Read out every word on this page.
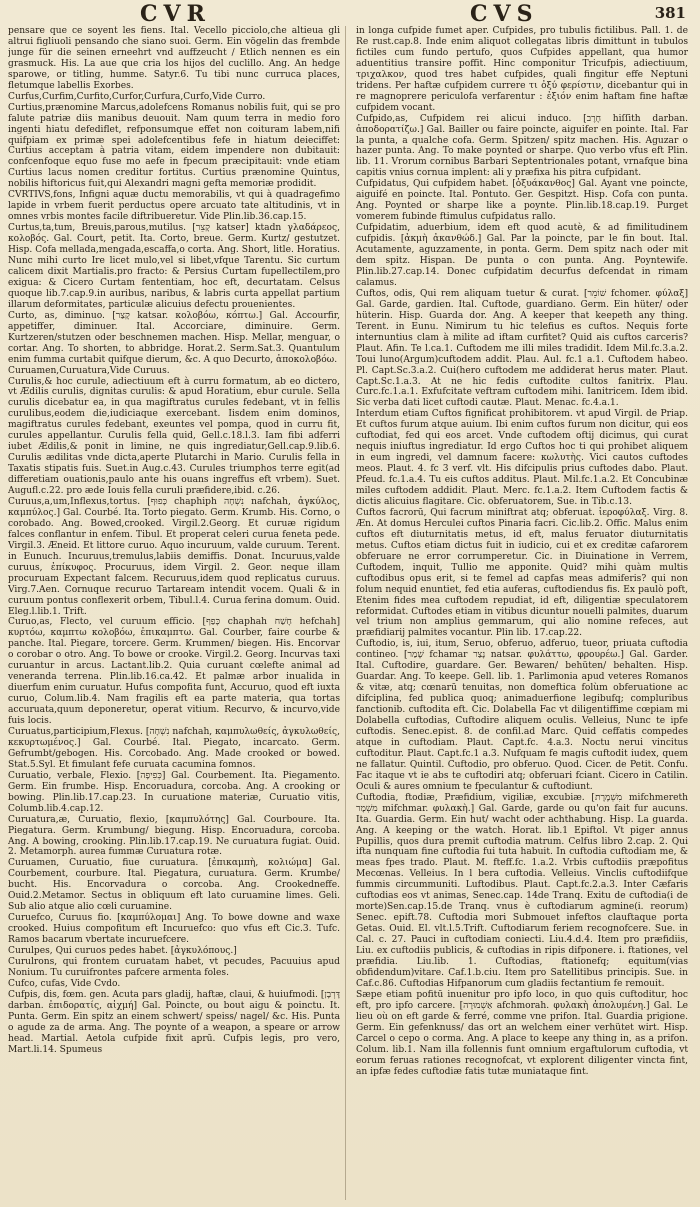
CVR	CVS	381

pensare que ce soyent les fiens. Ital. Vecello picciolo,che altieua gli altrui figliuoli pensando che siano suoi. Germ. Ein vögelin das frembde junge für die seinen erneehrt vnd auffzeucht / Etlich nennen es ein grasmuck. His. La aue que cria los hijos del cuclillo. Ang. An hedge sparowe, or titling, humme. Satyr.6. Tu tibi nunc curruca places, fletumque labellis Exorbes.

Curfus,Curfim,Curfito,Curfor,Curfura,Curfo,Vide Curro.

Curtius,prænomine Marcus,adolefcens Romanus nobilis fuit, qui se pro falute patriæ diis manibus deuouit. Nam quum terra in medio foro ingenti hiatu defediflet, refponsumque effet non coituram labem,nifi quifpiam ex primæ spei adolefcentibus fefe in hiatum deieciffet: Curtius acceptam à patria vitam, eidem impendere non dubitauit: confcenfoque equo fuse mo aefe in fpecum præcipitauit: vnde etiam Curtius lacus nomen creditur fortitus. Curtius prænomine Quintus, nobilis hiftoricus fuit,qui Alexandri magni gefta memoriæ prodidit.

CVRTIVS,fons, Infigni aquæ ductu memorabilis, vt qui à quadragefimo lapide in vrbem fuerit perductus opere arcuato tate altitudinis, vt in omnes vrbis montes facile diftribueretur. Vide Plin.lib.36.cap.15.

Curtus,ta,tum, Breuis,parous,mutilus. [קָצֵר katser] ktadn γλαδάρεoς, κολoβός. Gal. Court, petit. Ita. Corto, breue. Germ. Kurtz/ gestutzet. Hisp. Cofa mellada,mengada,escaffa,o corta. Ang. Short, litle. Horatius. Nunc mihi curto Ire licet mulo,vel si libet,vfque Tarentu. Sic curtum calicem dixit Martialis.pro fracto: & Persius Curtam fupellectilem,pro exigua: & Cicero Curtam fententiam, hoc eft, decurtatam. Celsus quoque lib.7.cap.9.in auribus, naribus, & labris curta appellat partium illarum deformitates, particulæ alicuius defectu prouenientes.

Curto, as, diminuo. [קָצַר katsar. κολοβόω, κόπτω.] Gal. Accourfir, appetiffer, diminuer. Ital. Accorciare, diminuire. Germ. Kurtzeren/stutzen oder beschnemen machen. Hisp. Mellar, menguar, o cortar. Ang. To shorten, to abbridge. Horat.2. Serm.Sat.3. Quantulum enim fumma curtabit quifque dierum, &c. A quo Decurto, ἀποκολοβόω.

Curuamen,Curuatura,Vide Curuus.

Curulis,& hoc curule, adiectiuum eft à curru formatum, ab eo dictero, vt Ædilis curulis, dignitas curulis: & apud Horatium, ebur curule. Sella curulis dicebatur ea, in qua magiftratus curules fedebant, vt in fellis curulibus,eodem die,iudiciaque exercebant. Iisdem enim dominos, magiftratus curules fedebant, exeuntes vel pompa, quod in curru fit, curules appellantur. Curulis fella quid, Gell.c.18.l.3. Iam fibi adferri iubet Ædilis,& ponit in limine, ne quis ingrediatur,Gell.cap.9.lib.6. Curulis ædilitas vnde dicta,aperte Plutarchi in Mario. Curulis fella in Taxatis stipatis fuis. Suet.in Aug.c.43. Curules triumphos terre egit(ad differetiam ouationis,paulo ante his ouans ingreffus eft vrbem). Suet. Augufl.c.22. pro æde Iouis fella curuli præfidere,ibid. c.26.

Curuus,a,um,Inflexus,tortus. [כָּפוּף chaphiph נִשְׁחָה nafchah, ἀγκύλος, καμπύλος.] Gal. Courbé. Ita. Torto piegato. Germ. Krumb. His. Corno, o corobado. Ang. Bowed,crooked. Virgil.2.Georg. Et curuæ rigidum falces conflantur in enfem. Tibul. Et properat celeri curua feneta pede. Virgil.3. Æneid. Et littore curuo. Aquo incuruum, valde curuum. Terent. in Eunuch. Incuruus,tremulus,labiis demiffis. Donat. Incuruus,valde curuus, ἐπίκυφος. Procuruus, idem Virgil. 2. Geor. neque illam procuruam Expectant falcem. Recuruus,idem quod replicatus curuus. Virg.7.Aen. Cornuque recuruo Tartaream intendit vocem. Quali & in curuum pontus conflexerit orbem, Tibul.l.4. Curua ferina domum. Ouid. Eleg.l.lib.1. Trift.

Curuo,as, Flecto, vel curuum efficio. [כָּפַף chaphah חָשַׁח hefchah] κυρτόω, καμπτω κολοβόω, ἐπικαμπτω. Gal. Courber, faire courbe & panche. Ital. Piegare, torcere. Germ. Krummen/ biegen. His. Encorvar o corobar o otro. Ang. To bowe or crooke. Virgil.2. Georg. Incurvas taxi curuantur in arcus. Lactant.lib.2. Quia curuant cœlefte animal ad veneranda terrena. Plin.lib.16.ca.42. Et palmæ arbor inualida in diuerfum enim curuatur. Hufus compofita funt, Accuruo, quod eft iuxta curuo, Colum.lib.4. Nam fragilis eft ea parte materia, qua tortas accuruata,quum deponeretur, operat vitium. Recurvo, & incurvo,vide fuis locis.

Curuatus,participium,Flexus. [נִשְׁחָה nafchah, καμπυλωθείς, ἀγκυλωθείς, κεκυρτωμένος.] Gal. Courbé. Ital. Piegato, incarcato. Germ. Gefrumbt/gebogen. His. Corcobado. Ang. Made crooked or bowed. Stat.5.Syl. Et fimulant fefe curuata cacumina fomnos.

Curuatio, verbale, Flexio. [כְּפִיפָה] Gal. Courbement. Ita. Piegamento. Germ. Ein frumbe. Hisp. Encoruadura, corcoba. Ang. A crooking or bowing. Plin.lib.17.cap.23. In curuatione materiæ, Curuatio vitis, Columb.lib.4.cap.12.

Curuatura,æ, Curuatio, flexio, [καμπυλότης] Gal. Courboure. Ita. Piegatura. Germ. Krumbung/ biegung. Hisp. Encoruadura, corcoba. Ang. A bowing, crooking. Plin.lib.17.cap.19. Ne curuatura fugiat. Ouid. 2. Metamorph. aurea fummæ Curuatura rotæ.

Curuamen, Curuatio, fiue curuatura. [ἐπικαμπὴ, κολιώμα] Gal. Courbement, courbure. Ital. Piegatura, curuatura. Germ. Krumbe/ bucht. His. Encorvadura o corcoba. Ang. Crookedneffe. Ouid.2.Metamor. Sectus in obliquum eft lato curuamine limes. Geli. Sub alio atque alio cœli curuamine.

Curuefco, Curuus fio. [καμπύλομαι] Ang. To bowe downe and waxe crooked. Huius compofitum eft Incuruefco: quo vfus eft Cic.3. Tufc. Ramos bacarum vbertate incuruefcere.

Curulpes, Qui curuos pedes habet. [ἀγκυλόπους.]

Curulrons, qui frontem curuatam habet, vt pecudes, Pacuuius apud Nonium. Tu curuifrontes pafcere armenta foles.

Cufco, cufas, Vide Cvdo.

Cufpis, dis, fœm. gen. Acuta pars gladij, haftæ, claui, & huiufmodi. [דָּרְבָן darban. ἐπιδορατίς, αἰχμή] Gal. Poincte, ou bout aigu & poinctu. It. Punta. Germ. Ein spitz an einem schwert/ speiss/ nagel/ &c. His. Punta o agude za de arma. Ang. The poynte of a weapon, a speare or arrow head. Martial. Aetola cufpide fixit aprū. Cufpis legis, pro vero, Mart.li.14. Spumeus

in longa cufpide fumet aper. Cufpides, pro tubulis fictilibus. Pall. 1. de Re rust.cap.8. Inde enim aliquot collegatas libris dimittunt in tubulos fictiles cum fundo pertufo, quos Cufpides appellant, qua humor aduentitius transire poffit. Hinc componitur Tricufpis, adiectiuum, τριχαλκον, quod tres habet cufpides, quali fingitur effe Neptuni tridens. Per haftæ cufpidem currere τι ὀξύ φερίστιν, dicebantur qui in re magnoprere periculofa verfarentur : ἐξιόν enim haftam fine haftæ cufpidem vocant.

Cufpido,as, Cufpidem rei alicui induco. [חֶרֶב hiſſith darban. ἀποδορατίζω.] Gal. Bailler ou faire poincte, aiguifer en pointe. Ital. Far la punta, a qualche cofa. Germ. Spitzen/ spitz machen. His. Aguzar o hazer punta. Ang. To make poynted or sharpe. Quo verbo vfus eft Plin. lib. 11. Vrorum cornibus Barbari Septentrionales potant, vrnafque bina capitis vnius cornua implent: ali y præfixa his pitra cufpidant.

Cufpidatus, Qui cufpidem habet. [ὀξυάκανθος] Gal. Ayant vne poincte, aiguifé en poincte. Ital. Pontuto. Ger. Gespitzt. Hisp. Cofa con punta. Ang. Poynted or sharpe like a poynte. Plin.lib.18.cap.19. Purget vomerem fubinde ftimulus cufpidatus rallo.

Cufpidatim, aduerbium, idem eft quod acutè, & ad fimilitudinem cufpidis. [ἀκμὴ ἀκανθώδ.] Gal. Par la poincte, par le fin bout. Ital. Acutamente, aguzzamente, in ponta. Germ. Dem spitz nach oder mit dem spitz. Hispan. De punta o con punta. Ang. Poyntewife. Plin.lib.27.cap.14. Donec cufpidatim decurfus defcendat in rimam calamus.

Cuftos, odis, Qui rem aliquam tuetur & curat. [שׁוֹמֵר fchomer. φύλαξ] Gal. Garde, gardien. Ital. Cuftode, guardiano. Germ. Ein hüter/ oder hüterin. Hisp. Guarda dor. Ang. A keeper that keepeth any thing. Terent. in Eunu. Nimirum tu hic telefius es cuftos. Nequis forte internuntius clam à milite ad iftam curfitet? Quid ais cuftos carceris? Plaut. Afin. Te l.ca.1. Cuftodem me illi miles tradidit. Idem Mil.fc.3.a.2. Toui luno(Argum)cuftodem addit. Plau. Aul. fc.1 a.1. Cuftodem habeo. Pl. Capt.Sc.3.a.2. Cui(hero cuftodem me addiderat herus mater. Plaut. Capt.Sc.1.a.3. At ne hic fedis cuftodite cultos fanitrix. Plau. Curc.fc.1.a.1. Exfufcitate veftram cuftodem mihi. Ianitricem. Idem ibid. Sic verba dati licet cuftodi cautæ. Plaut. Menac. fc.4.a.1.

Interdum etiam Cuftos fignificat prohibitorem. vt apud Virgil. de Priap. Et cuftos furum atque auium. Ibi enim cuftos furum non dicitur, qui eos cuftodiat, fed qui eos arcet. Vnde cuftodem oftij dicimus, qui curat nequis iniuftus ingrediatur. Id ergo Cuftos hoc ti qui prohibet aliquem in eum ingredi, vel damnum facere: κωλυτὴς. Vici cautos cuftodes meos. Plaut. 4. fc 3 verf. vlt. His difcipulis prius cuftodes dabo. Plaut. Pfeud. fc.1.a.4. Tu eis cuftos additus. Plaut. Mil.fc.1.a.2. Et Concubinæ miles cuftodem addidit. Plaut. Merc. fc.1.a.2. Item Cuftodem factis & dictis alicuius flagitare. Cic. obferuatorem, Sue. in Tib.c.13.

Cuftos facrorū, Qui facrum miniftrat atq; obferuat. ἱεροφύλαξ. Virg. 8. Æn. At domus Herculei cuftos Pinaria facri. Cic.lib.2. Offic. Malus enim cuftos eft diuturnitatis metus, id eft, malus feruator diuturnitatis metus. Cuftos etiam dictus fuit in iudicio, cui et ex creditæ cafarorem obferuare ne error corrumperetur. Cic. in Diuinatione in Verrem, Cuftodem, inquit, Tullio me apponite. Quid? mihi quàm multis cuftodibus opus erit, si te femel ad capfas meas admiferis? qui non folum nequid enuntiet, fed etia auferas, cuftodiendus fis. Ex paulò poft, Etenim fides mea cuftodem repudiat, id eft, diligentiæ speculatorem reformidat. Cuftodes etiam in vitibus dicuntur nouelli palmites, duarum vel trium non amplius gemmarum, qui alio nomine refeces, aut præfidiarij palmites vocantur. Plin lib. 17.cap.22.

Cuftodio, is, iui, itum, Seruo, obferuo, adferuo, tueor, priuata cuftodia contineo. [שָׁמַר fchamar נָצַר natsar. φυλάττω, φρουρέω.] Gal. Garder. Ital. Cuftodire, guardare. Ger. Bewaren/ behüten/ behalten. Hisp. Guardar. Ang. To keepe. Gell. lib. 1. Parlimonia apud veteres Romanos & vitæ, atq; cœnarū tenuitas, non domeftica folùm obferuatione ac difciplina, fed publica quoq; animaduerfione legibufq; compluribus fanctionib. cuftodita eft. Cic. Dolabella Fac vt diligentiffime cœpiam mi Dolabella cuftodias, Cuftodire aliquem oculis. Velleius, Nunc te ipfe cuftodis. Senec.epist. 8. de confil.ad Marc. Quid ceffatis compedes atque in cuftodiam. Plaut. Capt.fc. 4.a.3. Noctu nerui vincitus cuftoditur. Plaut. Capt.fc.1 a.3. Nufquam fe magis cuftodit iudex, quem ne fallatur. Quintil. Cuftodio, pro obferuo. Quod. Cicer. de Petit. Confu. Fac itaque vt ie abs te cuftodiri atq; obferuari fciant. Cicero in Catilin. Oculi & aures omnium te fpeculantur & cuftodiunt.

Cuftodia, ftodiæ, Præfidium, vigiliæ, excubiæ. [מִשְׁמֶרֶת mifchmereth מִשְׁמָר mifchmar. φυλακὴ.] Gal. Garde, garde ou qu'on fait fur aucuns. Ita. Guardia. Germ. Ein hut/ wacht oder achthabung. Hisp. La guarda. Ang. A keeping or the watch. Horat. lib.1 Epiftol. Vt piger annus Pupillis, quos dura premit cuftodia matrum. Celfus libro 2.cap. 2. Qui ifta nunquam fine cuftodia fui tuta habuit. In cuftodia cuftodiam me, & meas fpes trado. Plaut. M. fteff.fc. 1.a.2. Vrbis cuftodiis præpofitus Mecœnas. Velleius. In l bera cuftodia. Velleius. Vinclis cuftodiifque fummis circummuniti. Luftodibus. Plaut. Capt.fc.2.a.3. Inter Cæfaris cuftodias eos vt animas, Senec.cap. 14de Tranq. Exitu de cuftodia(i de morte)Sen.cap.15.de Tranq. vnus è cuftodiarum agmine(i. reorum) Senec. epift.78. Cuftodia mori Submouet infeftos clauftaque porta Getas. Ouid. El. vlt.l.5.Trift. Cuftodiarum feriem recognofcere. Sue. in Cal. c. 27. Pauci in cuftodiam coniecti. Liu.4.d.4. Item pro præfidiis, Liu. ex cuftodiis publicis, & cuftodias in ripis difponere. i. ftationes, vel præfidia. Liu.lib. 1. Cuftodias, ftationefq; equitum(vias obfidendum)vitare. Caf.1.b.ciu. Item pro Satellitibus principis. Sue. in Caf.c.86. Cuftodias Hifpanorum cum gladiis fectantium fe remouit.

Sæpe etiam pofitū inuenitur pro ipfo loco, in quo quis cuftoditur, hoc eft, pro ipfo carcere. [אַשְׁמוּרָה afchmorah. φυλακὴ ἀπολυμένη.] Gal. Le lieu où on eft garde & ferré, comme vne prifon. Ital. Guardia prigione. Germ. Ein gefenknuss/ das ort an welchem einer verhütet wirt. Hisp. Carcel o cepo o corma. Ang. A place to keepe any thing in, as a prifon. Colum. lib.1. Nam illa follennis funt omnium ergaftulorum cuftodia, vt eorum feruas rationes recognofcat, vt explorent diligenter vincta fint, an ipfæ fedes cuftodiæ fatis tutæ muniataque fint.
